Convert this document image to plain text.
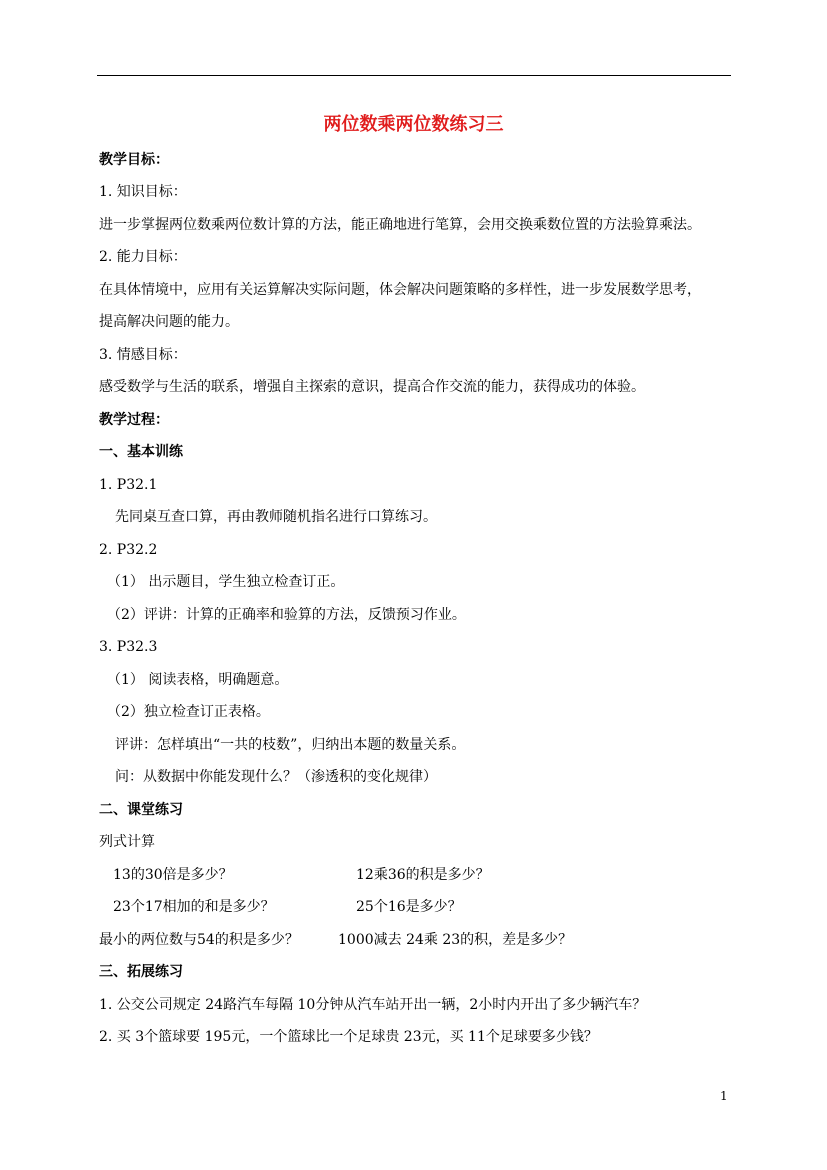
两位数乘两位数练习三
教学目标：
1. 知识目标：
进一步掌握两位数乘两位数计算的方法，能正确地进行笔算，会用交换乘数位置的方法验算乘法。
2. 能力目标：
在具体情境中，应用有关运算解决实际问题，体会解决问题策略的多样性，进一步发展数学思考，
提高解决问题的能力。
3. 情感目标：
感受数学与生活的联系，增强自主探索的意识，提高合作交流的能力，获得成功的体验。
教学过程：
一、基本训练
1. P32.1
先同桌互查口算，再由教师随机指名进行口算练习。
2. P32.2
（1） 出示题目，学生独立检查订正。
（2）评讲：计算的正确率和验算的方法，反馈预习作业。
3. P32.3
（1） 阅读表格，明确题意。
（2）独立检查订正表格。
评讲：怎样填出“一共的枝数”，归纳出本题的数量关系。
问：从数据中你能发现什么？（渗透积的变化规律）
二、课堂练习
列式计算
13的30倍是多少？	12乘36的积是多少？
23个17相加的和是多少？	25个16是多少？
最小的两位数与54的积是多少？	1000减去 24乘 23的积，差是多少？
三、拓展练习
1. 公交公司规定 24路汽车每隔 10分钟从汽车站开出一辆，2小时内开出了多少辆汽车？
2. 买 3个篮球要 195元，一个篮球比一个足球贵 23元，买 11个足球要多少钱？
1
